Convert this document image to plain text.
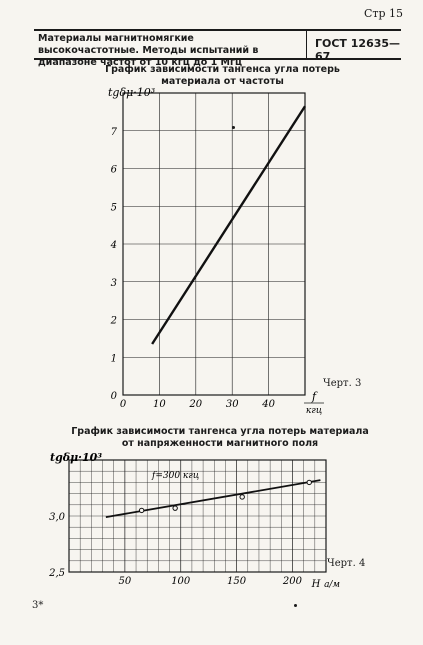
Стр 15
Материалы магнитномягкие высокочастотные. Методы испытаний в диапазоне частот от 10 кгц до 1 Мгц
ГОСТ 12635—67
График зависимости тангенса угла потерь материала от частоты
Черт. 3
График зависимости тангенса угла потерь материала от напряженности магнитного поля
Черт. 4
3*
0	10 20 30 40
0
1
2
3
4
5
6
7
tgδμ·10³
f
кгц
50	100	150	200
2,5
3,0
f=300 кгц
tgδμ·10³
H а/м
